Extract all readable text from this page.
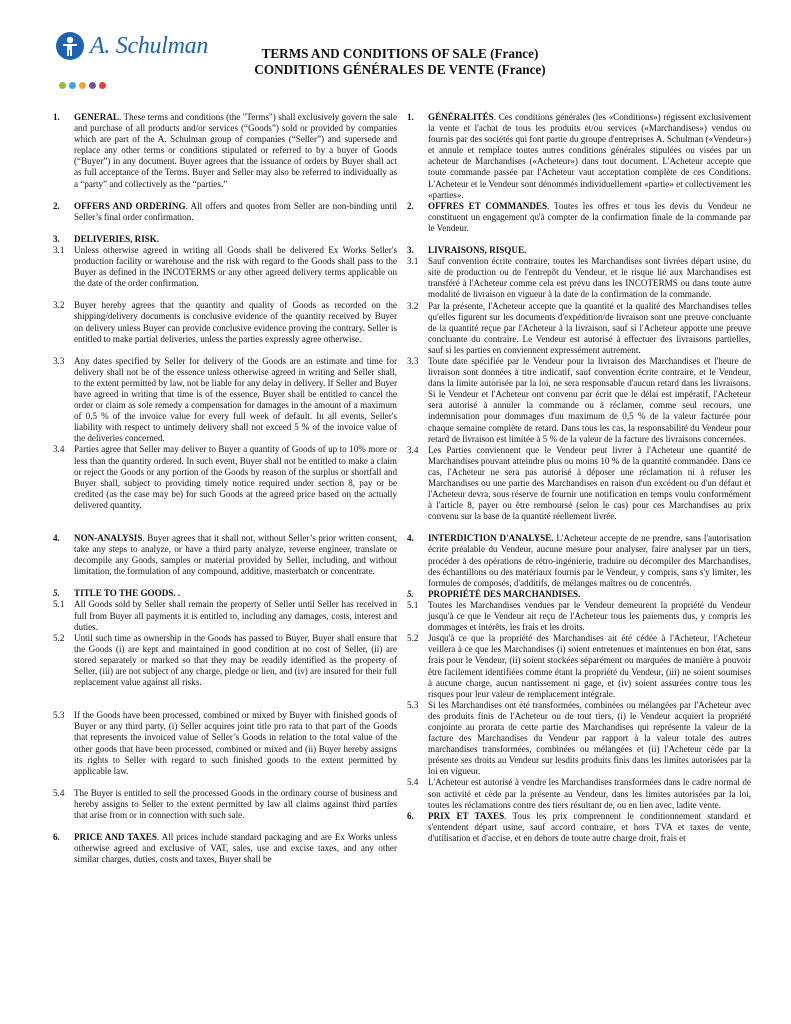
A. Schulman	TERMS AND CONDITIONS OF SALE (France)
CONDITIONS GÉNÉRALES DE VENTE (France)

1. GENERAL. These terms and conditions (the "Terms") shall exclusively govern the sale and purchase of all products and/or services (“Goods”) sold or provided by companies which are part of the A. Schulman group of companies (“Seller”) and supersede and replace any other terms or conditions stipulated or referred to by a buyer of Goods (“Buyer”) in any document. Buyer agrees that the issuance of orders by Buyer shall act as full acceptance of the Terms. Buyer and Seller may also be referred to individually as a “party” and collectively as the “parties.”

2. OFFERS AND ORDERING. All offers and quotes from Seller are non-binding until Seller’s final order confirmation.

3. DELIVERIES, RISK.

3.1 Unless otherwise agreed in writing all Goods shall be delivered Ex Works Seller's production facility or warehouse and the risk with regard to the Goods shall pass to the Buyer as defined in the INCOTERMS or any other agreed delivery terms applicable on the date of the order confirmation.

3.2 Buyer hereby agrees that the quantity and quality of Goods as recorded on the shipping/delivery documents is conclusive evidence of the quantity received by Buyer on delivery unless Buyer can provide conclusive evidence proving the contrary. Seller is entitled to make partial deliveries, unless the parties expressly agree otherwise.

3.3 Any dates specified by Seller for delivery of the Goods are an estimate and time for delivery shall not be of the essence unless otherwise agreed in writing and Seller shall, to the extent permitted by law, not be liable for any delay in delivery. If Seller and Buyer have agreed in writing that time is of the essence, Buyer shall be entitled to cancel the order or claim as sole remedy a compensation for damages in the amount of a maximum of 0.5 % of the invoice value for every full week of default. In all events, Seller's liability with respect to untimely delivery shall not exceed 5 % of the invoice value of the deliveries concerned.

3.4 Parties agree that Seller may deliver to Buyer a quantity of Goods of up to 10% more or less than the quantity ordered. In such event, Buyer shall not be entitled to make a claim or reject the Goods or any portion of the Goods by reason of the surplus or shortfall and Buyer shall, subject to providing timely notice required under section 8, pay or be credited (as the case may be) for such Goods at the agreed price based on the actually delivered quantity.

4. NON-ANALYSIS. Buyer agrees that it shall not, without Seller’s prior written consent, take any steps to analyze, or have a third party analyze, reverse engineer, translate or decompile any Goods, samples or material provided by Seller, including, and without limitation, the formulation of any compound, additive, masterbatch or concentrate.

5. TITLE TO THE GOODS. .

5.1 All Goods sold by Seller shall remain the property of Seller until Seller has received in full from Buyer all payments it is entitled to, including any damages, costs, interest and duties.

5.2 Until such time as ownership in the Goods has passed to Buyer, Buyer shall ensure that the Goods (i) are kept and maintained in good condition at no cost of Seller, (ii) are stored separately or marked so that they may be readily identified as the property of Seller, (iii) are not subject of any charge, pledge or lien, and (iv) are insured for their full replacement value against all risks.

5.3 If the Goods have been processed, combined or mixed by Buyer with finished goods of Buyer or any third party, (i) Seller acquires joint title pro rata to that part of the Goods that represents the invoiced value of Seller’s Goods in relation to the total value of the other goods that have been processed, combined or mixed and (ii) Buyer hereby assigns its rights to Seller with regard to such finished goods to the extent permitted by applicable law.

5.4 The Buyer is entitled to sell the processed Goods in the ordinary course of business and hereby assigns to Seller to the extent permitted by law all claims against third parties that arise from or in connection with such sale.

6. PRICE AND TAXES. All prices include standard packaging and are Ex Works unless otherwise agreed and exclusive of VAT, sales, use and excise taxes, and any other similar charges, duties, costs and taxes, Buyer shall be

1. GÉNÉRALITÉS. Ces conditions générales (les «Conditions») régissent exclusivement la vente et l'achat de tous les produits et/ou services («Marchandises») vendus ou fournis par des sociétés qui font partie du groupe d'entreprises A. Schulman («Vendeur») et annule et remplace toutes autres conditions générales stipulées ou visées par un acheteur de Marchandises («Acheteur») dans tout document. L'Acheteur accepte que toute commande passée par l'Acheteur vaut acceptation complète de ces Conditions. L'Acheteur et le Vendeur sont dénommés individuellement «partie» et collectivement les «parties».

2. OFFRES ET COMMANDES. Toutes les offres et tous les devis du Vendeur ne constituent un engagement qu'à compter de la confirmation finale de la commande par le Vendeur.

3. LIVRAISONS, RISQUE.

3.1 Sauf convention écrite contraire, toutes les Marchandises sont livrées départ usine, du site de production ou de l'entrepôt du Vendeur, et le risque lié aux Marchandises est transféré à l'Acheteur comme cela est prévu dans les INCOTERMS ou dans toute autre modalité de livraison en vigueur à la date de la confirmation de la commande.

3.2 Par la présente, l'Acheteur accepte que la quantité et la qualité des Marchandises telles qu'elles figurent sur les documents d'expédition/de livraison sont une preuve concluante de la quantité reçue par l'Acheteur à la livraison, sauf si l'Acheteur apporte une preuve concluante du contraire. Le Vendeur est autorisé à effectuer des livraisons partielles, sauf si les parties en conviennent expressément autrement.

3.3 Toute date spécifiée par le Vendeur pour la livraison des Marchandises et l'heure de livraison sont données à titre indicatif, sauf convention écrite contraire, et le Vendeur, dans la limite autorisée par la loi, ne sera responsable d'aucun retard dans les livraisons. Si le Vendeur et l'Acheteur ont convenu par écrit que le délai est impératif, l'Acheteur sera autorisé à annuler la commande ou à réclamer, comme seul recours, une indemnisation pour dommages d'un maximum de 0,5 % de la valeur facturée pour chaque semaine complète de retard. Dans tous les cas, la responsabilité du Vendeur pour retard de livraison est limitée à 5 % de la valeur de la facture des livraisons concernées.

3.4 Les Parties conviennent que le Vendeur peut livrer à l'Acheteur une quantité de Marchandises pouvant atteindre plus ou moins 10 % de la quantité commandée. Dans ce cas, l'Acheteur ne sera pas autorisé à déposer une réclamation ni à refuser les Marchandises ou une partie des Marchandises en raison d'un excédent ou d'un défaut et l'Acheteur devra, sous réserve de fournir une notification en temps voulu conformément à l'article 8, payer ou être remboursé (selon le cas) pour ces Marchandises au prix convenu sur la base de la quantité réellement livrée.

4. INTERDICTION D'ANALYSE. L'Acheteur accepte de ne prendre, sans l'autorisation écrite préalable du Vendeur, aucune mesure pour analyser, faire analyser par un tiers, procéder à des opérations de rétro-ingénierie, traduire ou décompiler des Marchandises, des échantillons ou des matériaux fournis par le Vendeur, y compris, sans s'y limiter, les formules de composés, d'additifs, de mélanges maîtres ou de concentrés.

5. PROPRIÉTÉ DES MARCHANDISES.

5.1 Toutes les Marchandises vendues par le Vendeur demeurent la propriété du Vendeur jusqu'à ce que le Vendeur ait reçu de l'Acheteur tous les paiements dus, y compris les dommages et intérêts, les frais et les droits.

5.2 Jusqu'à ce que la propriété des Marchandises ait été cédée à l'Acheteur, l'Acheteur veillera à ce que les Marchandises (i) soient entretenues et maintenues en bon état, sans frais pour le Vendeur, (ii) soient stockées séparément ou marquées de manière à pouvoir être facilement identifiées comme étant la propriété du Vendeur, (iii) ne soient soumises à aucune charge, aucun nantissement ni gage, et (iv) soient assurées contre tous les risques pour leur valeur de remplacement intégrale.

5.3 Si les Marchandises ont été transformées, combinées ou mélangées par l'Acheteur avec des produits finis de l'Acheteur ou de tout tiers, (i) le Vendeur acquiert la propriété conjointe au prorata de cette partie des Marchandises qui représente la valeur de la facture des Marchandises du Vendeur par rapport à la valeur totale des autres marchandises transformées, combinées ou mélangées et (ii) l'Acheteur cède par la présente ses droits au Vendeur sur lesdits produits finis dans les limites autorisées par la loi en vigueur.

5.4 L'Acheteur est autorisé à vendre les Marchandises transformées dans le cadre normal de son activité et cède par la présente au Vendeur, dans les limites autorisées par la loi, toutes les réclamations contre des tiers résultant de, ou en lien avec, ladite vente.

6. PRIX ET TAXES. Tous les prix comprennent le conditionnement standard et s'entendent départ usine, sauf accord contraire, et hors TVA et taxes de vente, d'utilisation et d'accise, et en dehors de toute autre charge droit, frais et
